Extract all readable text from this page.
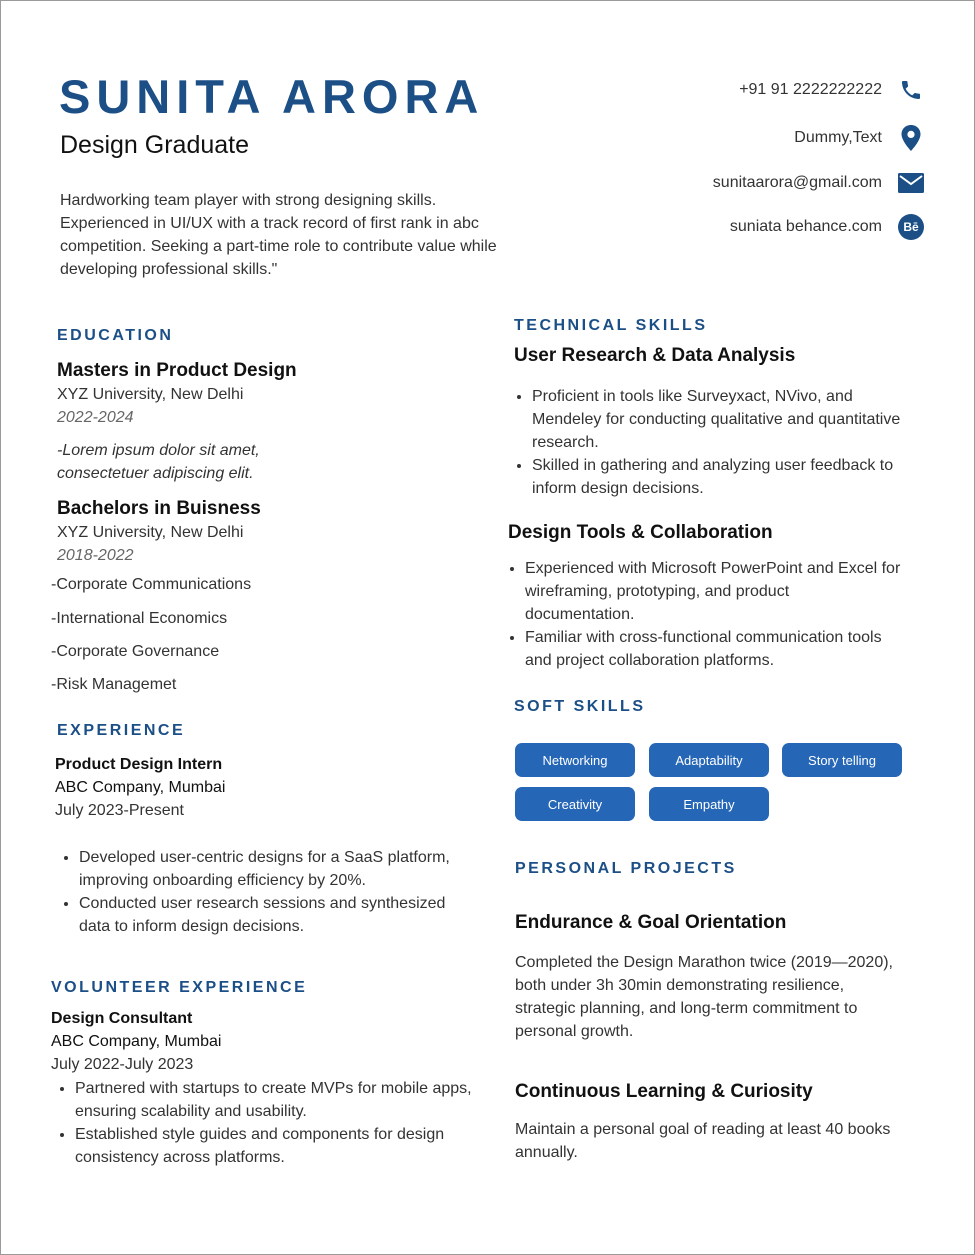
SUNITA ARORA
Design Graduate
Hardworking team player with strong designing skills.
Experienced in UI/UX with a track record of first rank in abc
competition. Seeking a part-time role to contribute value while
developing professional skills."
+91 91 2222222222
Dummy,Text
sunitaarora@gmail.com
suniata behance.com	Bē
EDUCATION
Masters in Product Design
XYZ University, New Delhi
2022-2024
-Lorem ipsum dolor sit amet,
consectetuer adipiscing elit.
Bachelors in Buisness
XYZ University, New Delhi
2018-2022
-Corporate Communications
-International Economics
-Corporate Governance
-Risk Managemet
EXPERIENCE
Product Design Intern
ABC Company, Mumbai
July 2023-Present
• Developed user-centric designs for a SaaS platform, improving onboarding efficiency by 20%.
• Conducted user research sessions and synthesized data to inform design decisions.
VOLUNTEER EXPERIENCE
Design Consultant
ABC Company, Mumbai
July 2022-July 2023
• Partnered with startups to create MVPs for mobile apps, ensuring scalability and usability.
• Established style guides and components for design consistency across platforms.
TECHNICAL SKILLS
User Research & Data Analysis
• Proficient in tools like Surveyxact, NVivo, and Mendeley for conducting qualitative and quantitative research.
• Skilled in gathering and analyzing user feedback to inform design decisions.
Design Tools & Collaboration
• Experienced with Microsoft PowerPoint and Excel for wireframing, prototyping, and product documentation.
• Familiar with cross-functional communication tools and project collaboration platforms.
SOFT SKILLS
Networking	Adaptability	Story telling
Creativity	Empathy
PERSONAL PROJECTS
Endurance & Goal Orientation
Completed the Design Marathon twice (2019—2020), both under 3h 30min demonstrating resilience, strategic planning, and long-term commitment to personal growth.
Continuous Learning & Curiosity
Maintain a personal goal of reading at least 40 books annually.
